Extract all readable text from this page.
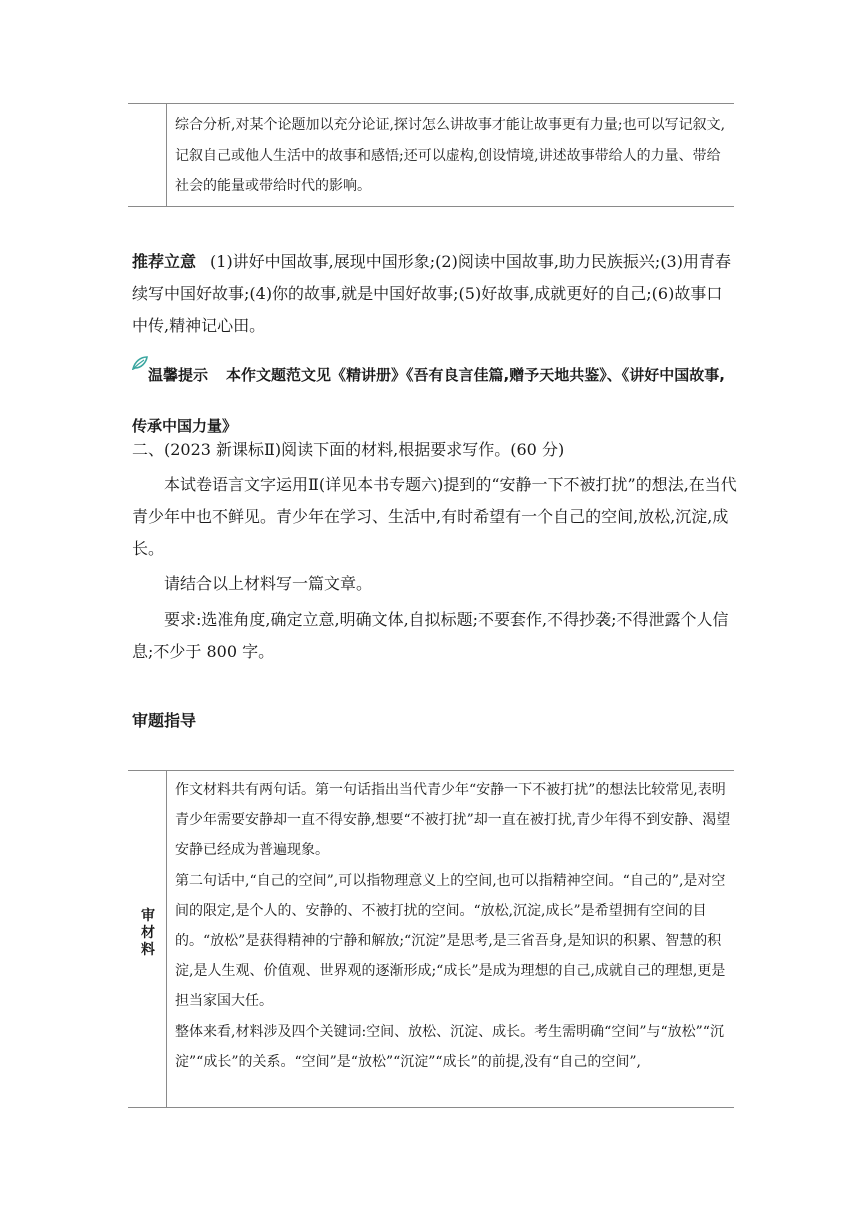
综合分析,对某个论题加以充分论证,探讨怎么讲故事才能让故事更有力量;也可以写记叙文,记叙自己或他人生活中的故事和感悟;还可以虚构,创设情境,讲述故事带给人的力量、带给社会的能量或带给时代的影响。
推荐立意 (1)讲好中国故事,展现中国形象;(2)阅读中国故事,助力民族振兴;(3)用青春续写中国好故事;(4)你的故事,就是中国好故事;(5)好故事,成就更好的自己;(6)故事口中传,精神记心田。
温馨提示 本作文题范文见《精讲册》《吾有良言佳篇,赠予天地共鉴》、《讲好中国故事,传承中国力量》
二、(2023 新课标Ⅱ)阅读下面的材料,根据要求写作。(60 分)
本试卷语言文字运用Ⅱ(详见本书专题六)提到的“安静一下不被打扰”的想法,在当代青少年中也不鲜见。青少年在学习、生活中,有时希望有一个自己的空间,放松,沉淀,成长。
请结合以上材料写一篇文章。
要求:选准角度,确定立意,明确文体,自拟标题;不要套作,不得抄袭;不得泄露个人信息;不少于 800 字。
审题指导
审材料

作文材料共有两句话。第一句话指出当代青少年“安静一下不被打扰”的想法比较常见,表明青少年需要安静却一直不得安静,想要“不被打扰”却一直在被打扰,青少年得不到安静、渴望安静已经成为普遍现象。

第二句话中,“自己的空间”,可以指物理意义上的空间,也可以指精神空间。“自己的”,是对空间的限定,是个人的、安静的、不被打扰的空间。“放松,沉淀,成长”是希望拥有空间的目的。“放松”是获得精神的宁静和解放;“沉淀”是思考,是三省吾身,是知识的积累、智慧的积淀,是人生观、价值观、世界观的逐渐形成;“成长”是成为理想的自己,成就自己的理想,更是担当家国大任。

整体来看,材料涉及四个关键词:空间、放松、沉淀、成长。考生需明确“空间”与“放松”“沉淀”“成长”的关系。“空间”是“放松”“沉淀”“成长”的前提,没有“自己的空间”,
